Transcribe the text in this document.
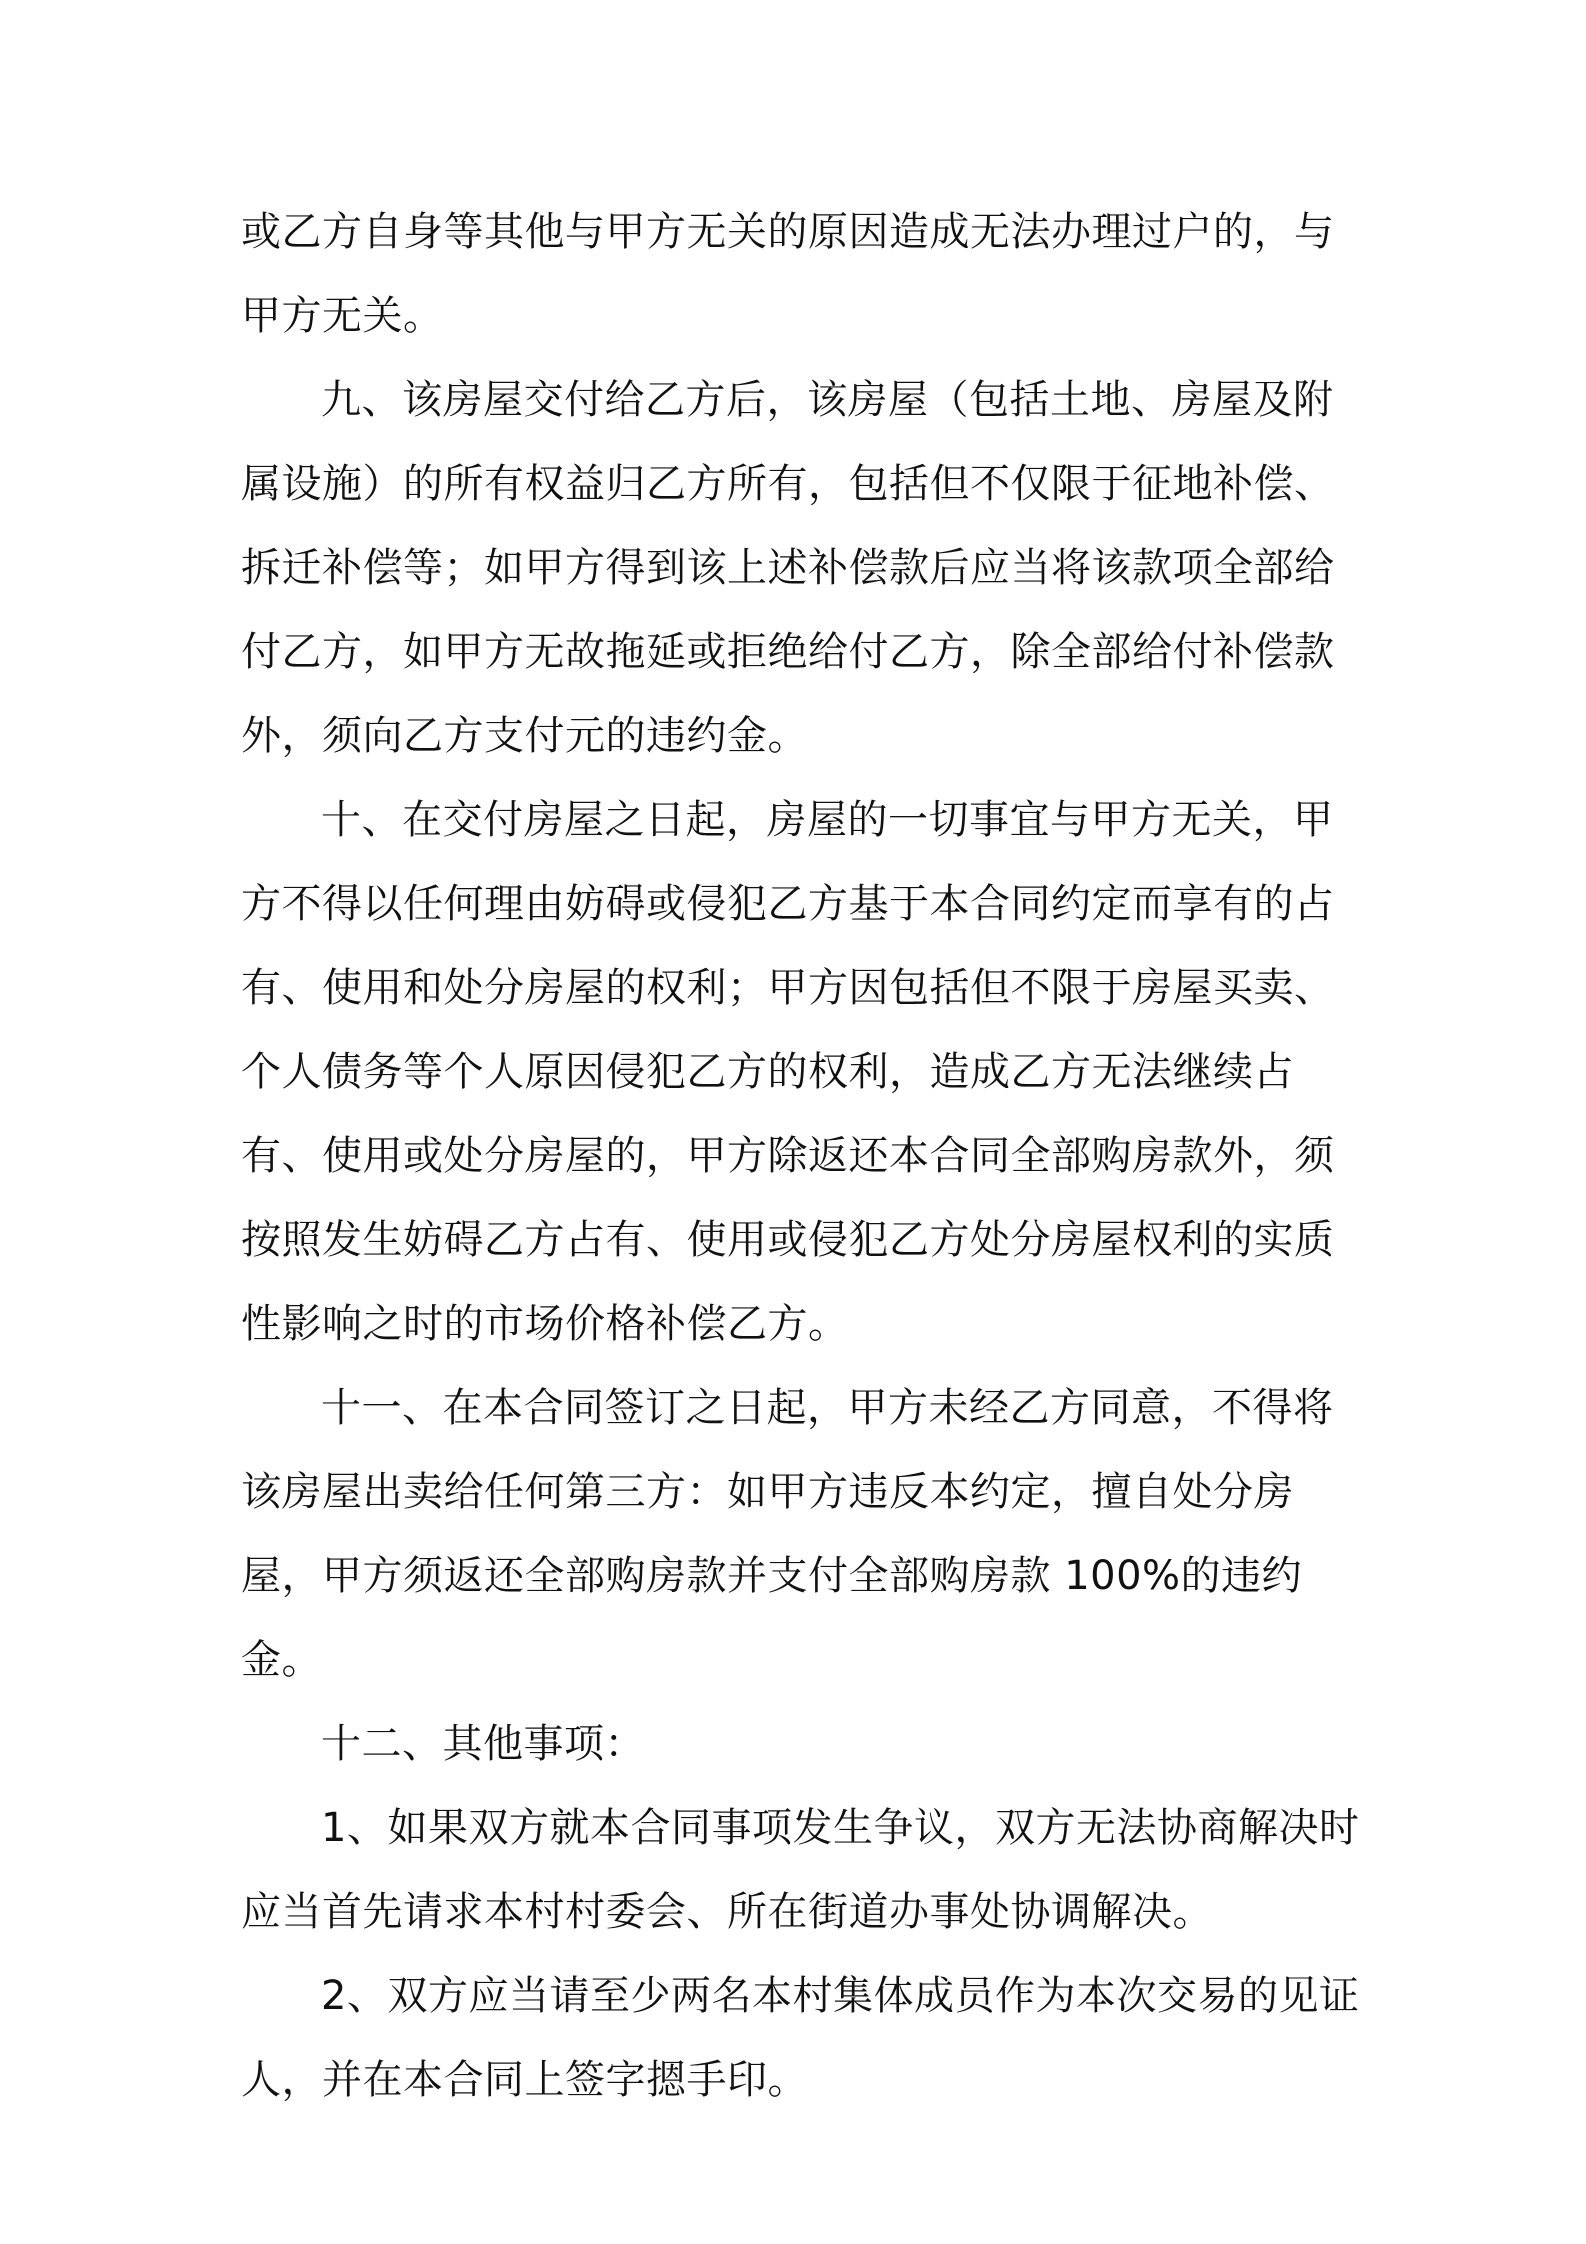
或乙方自身等其他与甲方无关的原因造成无法办理过户的，与甲方无关。

九、该房屋交付给乙方后，该房屋（包括土地、房屋及附属设施）的所有权益归乙方所有，包括但不仅限于征地补偿、拆迁补偿等；如甲方得到该上述补偿款后应当将该款项全部给付乙方，如甲方无故拖延或拒绝给付乙方，除全部给付补偿款外，须向乙方支付元的违约金。

十、在交付房屋之日起，房屋的一切事宜与甲方无关，甲方不得以任何理由妨碍或侵犯乙方基于本合同约定而享有的占有、使用和处分房屋的权利；甲方因包括但不限于房屋买卖、个人债务等个人原因侵犯乙方的权利，造成乙方无法继续占有、使用或处分房屋的，甲方除返还本合同全部购房款外，须按照发生妨碍乙方占有、使用或侵犯乙方处分房屋权利的实质性影响之时的市场价格补偿乙方。

十一、在本合同签订之日起，甲方未经乙方同意，不得将该房屋出卖给任何第三方：如甲方违反本约定，擅自处分房屋，甲方须返还全部购房款并支付全部购房款 100%的违约金。

十二、其他事项：

1、如果双方就本合同事项发生争议，双方无法协商解决时应当首先请求本村村委会、所在街道办事处协调解决。

2、双方应当请至少两名本村集体成员作为本次交易的见证人，并在本合同上签字摁手印。
